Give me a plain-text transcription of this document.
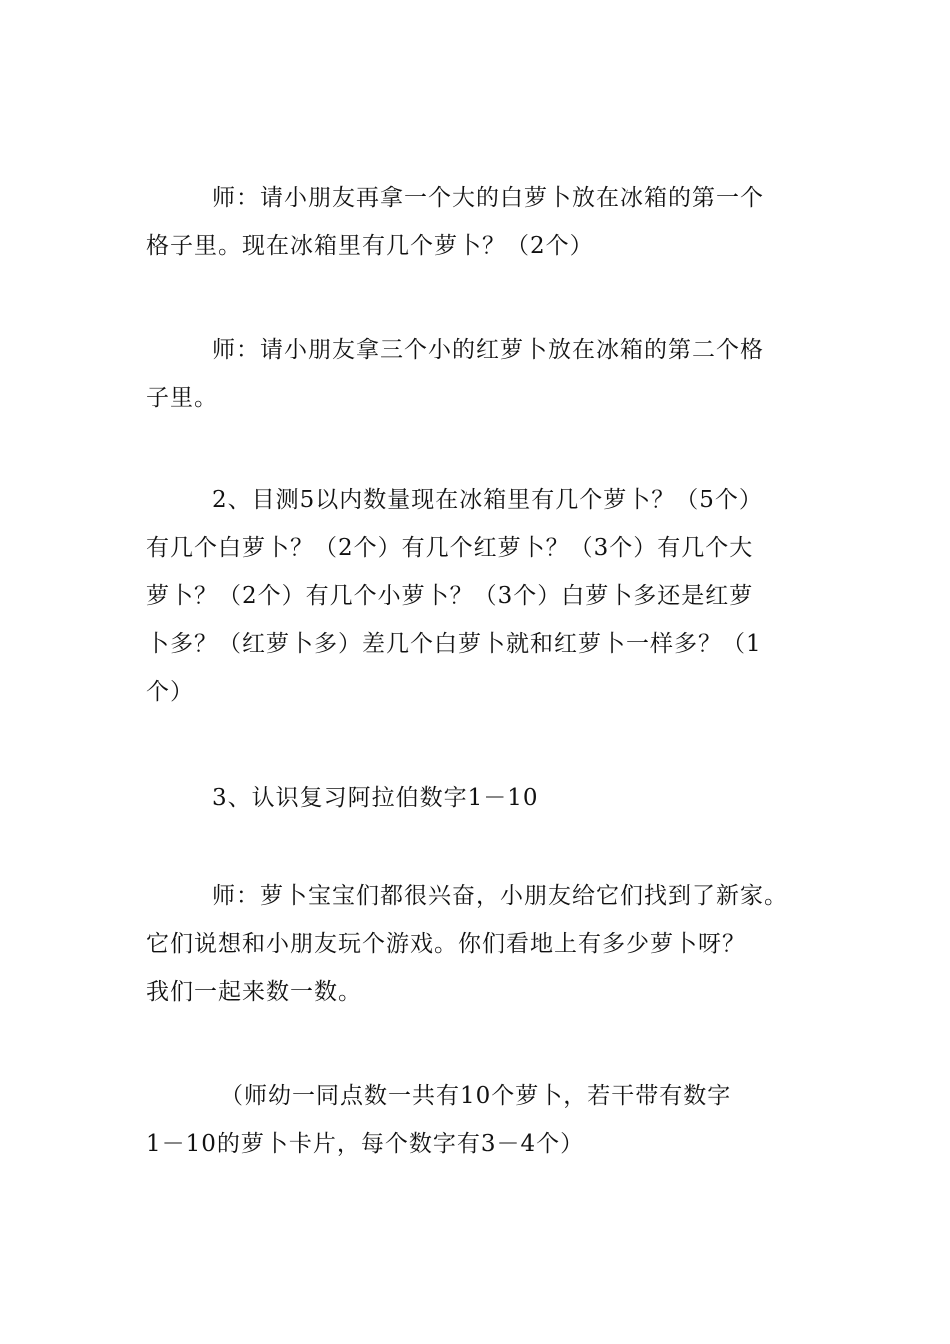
师：请小朋友再拿一个大的白萝卜放在冰箱的第一个
格子里。现在冰箱里有几个萝卜？（2个）

师：请小朋友拿三个小的红萝卜放在冰箱的第二个格
子里。

2、目测5以内数量现在冰箱里有几个萝卜？（5个）
有几个白萝卜？（2个）有几个红萝卜？（3个）有几个大
萝卜？（2个）有几个小萝卜？（3个）白萝卜多还是红萝
卜多？（红萝卜多）差几个白萝卜就和红萝卜一样多？（1
个）

3、认识复习阿拉伯数字1－10

师：萝卜宝宝们都很兴奋，小朋友给它们找到了新家。
它们说想和小朋友玩个游戏。你们看地上有多少萝卜呀？
我们一起来数一数。

（师幼一同点数一共有10个萝卜，若干带有数字
1－10的萝卜卡片，每个数字有3－4个）
